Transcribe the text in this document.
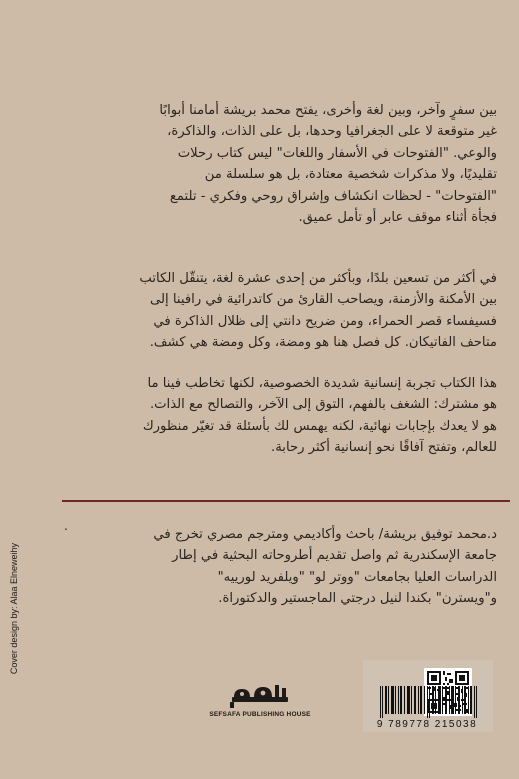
بين سفرٍ وآخر، وبين لغة وأخرى، يفتح محمد بريشة أمامنا أبوابًا
غير متوقعة لا على الجغرافيا وحدها، بل على الذات، والذاكرة،
والوعي. "الفتوحات في الأسفار واللغات" ليس كتاب رحلات
تقليديًا، ولا مذكرات شخصية معتادة، بل هو سلسلة من
"الفتوحات" - لحظات انكشاف وإشراق روحي وفكري - تلتمع
فجأة أثناء موقف عابر أو تأمل عميق.

في أكثر من تسعين بلدًا، وبأكثر من إحدى عشرة لغة، يتنقّل الكاتب
بين الأمكنة والأزمنة، ويصاحب القارئ من كاتدرائية في رافينا إلى
فسيفساء قصر الحمراء، ومن ضريح دانتي إلى ظلال الذاكرة في
متاحف الفاتيكان. كل فصل هنا هو ومضة، وكل ومضة هي كشف.

هذا الكتاب تجربة إنسانية شديدة الخصوصية، لكنها تخاطب فينا ما
هو مشترك: الشغف بالفهم، التوق إلى الآخر، والتصالح مع الذات.
هو لا يعدك بإجابات نهائية، لكنه يهمس لك بأسئلة قد تغيّر منظورك
للعالم، وتفتح آفاقًا نحو إنسانية أكثر رحابة.

.

د.محمد توفيق بريشة/ باحث وأكاديمي ومترجم مصري تخرج في
جامعة الإسكندرية ثم واصل تقديم أطروحاته البحثية في إطار
الدراسات العليا بجامعات "ووتر لو" "ويلفريد لورييه"
و"ويسترن" بكندا لنيل درجتي الماجستير والدكتوراة.

Cover design by: Alaa Elneweihy
SEFSAFA PUBLISHING HOUSE
9 789778 215038
